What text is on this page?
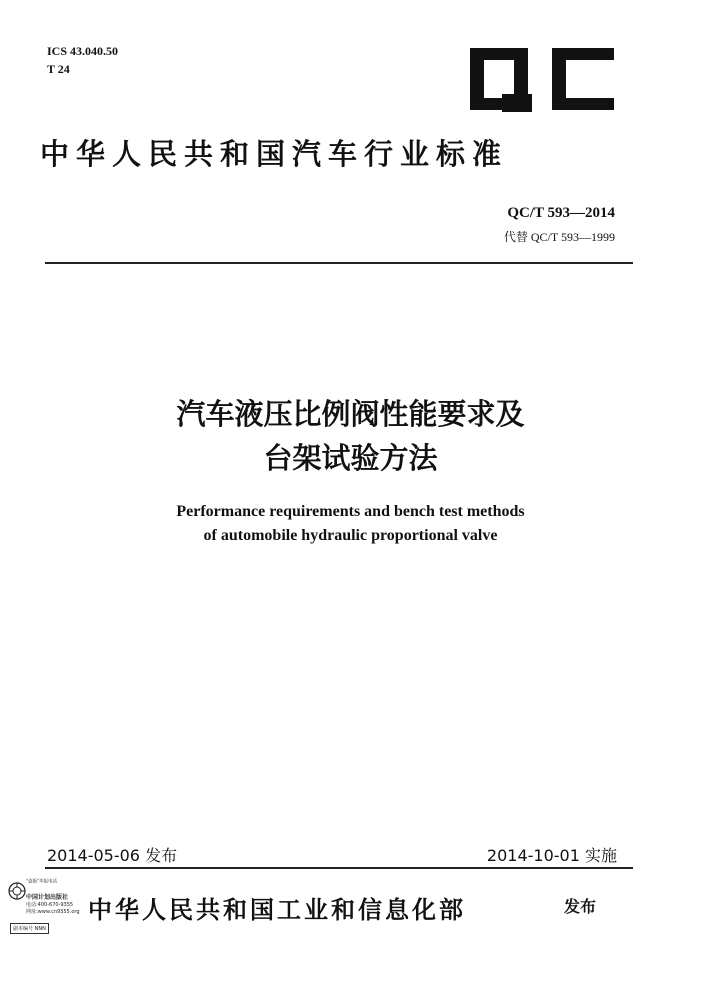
ICS 43.040.50
T 24
中华人民共和国汽车行业标准
QC/T 593—2014
代替 QC/T 593—1999
汽车液压比例阀性能要求及
台架试验方法
Performance requirements and bench test methods
of automobile hydraulic proportional valve
2014-05-06 发布	2014-10-01 实施
"盗版"举报电话
中国计划出版社
电话:400-670-9355
网址:www.cn9355.org
副本编号 NNN
中华人民共和国工业和信息化部	发布
